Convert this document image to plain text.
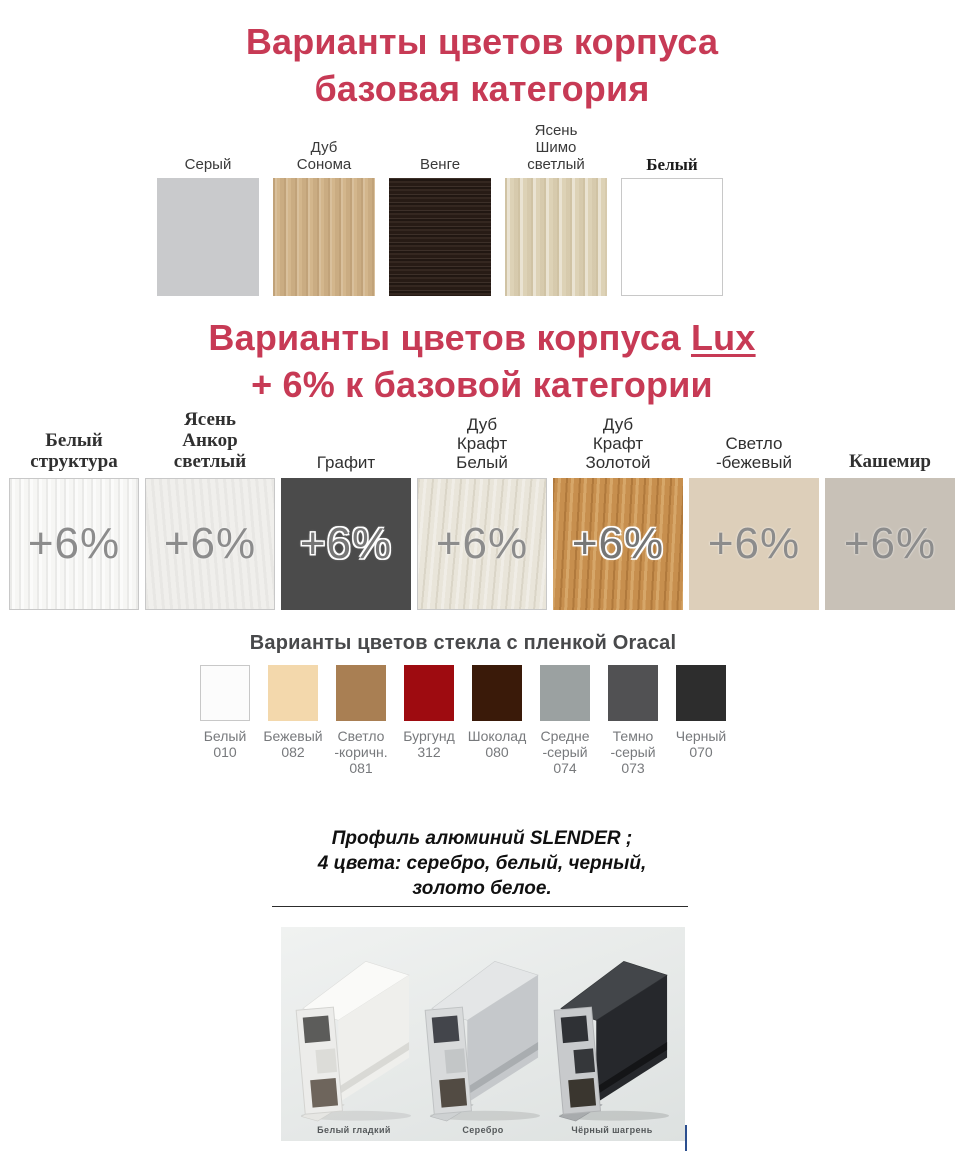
Варианты цветов корпуса
базовая категория
Серый
Дуб Сонома	Венге
Ясень Шимо светлый	Белый
Варианты цветов корпуса Lux
+ 6% к базовой категории
Белый структура
+6%
Ясень Анкор светлый
+6%
Графит
+6%
Дуб Крафт Белый
+6%
Дуб Крафт Золотой
+6%
Светло -бежевый
+6%
Кашемир
+6%
Варианты цветов стекла с пленкой Oracal
Белый 010
Бежевый 082
Светло -коричн. 081
Бургунд 312
Шоколад 080
Средне -серый 074
Темно -серый 073
Черный 070
Профиль алюминий SLENDER ;
4 цвета: серебро, белый, черный,
золото белое.
Белый гладкий	Серебро	Чёрный шагрень
